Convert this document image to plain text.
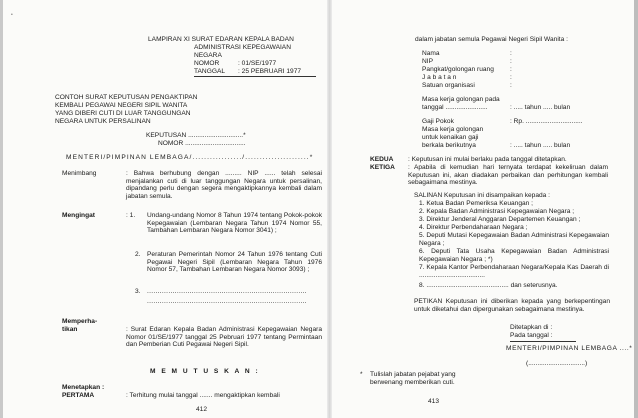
•
LAMPIRAN XI SURAT EDARAN KEPALA BADAN
ADMINISTRASI KEPEGAWAIAN
NEGARA
NOMOR	: 01/SE/1977
TANGGAL : 25 PEBRUARI 1977
CONTOH SURAT KEPUTUSAN PENGAKTIPAN
KEMBALI PEGAWAI NEGERI SIPIL WANITA
YANG DIBERI CUTI DI LUAR TANGGUNGAN
NEGARA UNTUK PERSALINAN
KEPUTUSAN ..............................*
NOMOR .................................
MENTERI/PIMPINAN LEMBAGA/................./......................*
Menimbang	: Bahwa berhubung dengan ......... NIP ...... telah selesai menjalankan cuti di luar tanggungan Negara untuk persalinan, dipandang perlu dengan segera mengaktipkannya kembali dalam jabatan semula.
Mengingat	: 1. Undang-undang Nomor 8 Tahun 1974 tentang Pokok-pokok Kepegawaian (Lembaran Negara Tahun 1974 Nomor 55, Tambahan Lembaran Negara Nomor 3041) ;
2. Peraturan Pemerintah Nomor 24 Tahun 1976 tentang Cuti Pegawai Negeri Sipil (Lembaran Negara Tahun 1976 Nomor 57, Tambahan Lembaran Negara Nomor 3093) ;
3. ...........................................................................
...........................................................................
Memperha-
tikan	: Surat Edaran Kepala Badan Administrasi Kepegawaian Negara Nomor 01/SE/1977 tanggal 25 Pebruari 1977 tentang Permintaan dan Pemberian Cuti Pegawai Negeri Sipil.
M E M U T U S K A N :
Menetapkan :
PERTAMA	: Terhitung mulai tanggal ....... mengaktipkan kembali
412
dalam jabatan semula Pegawai Negeri Sipil Wanita :
Nama	:
NIP	:
Pangkat/golongan ruang :
J a b a t a n	:
Satuan organisasi	:
Masa kerja golongan pada
tanggal .......................	: ..... tahun ..... bulan
Gaji Pokok	: Rp. ...............................
Masa kerja golongan
untuk kenaikan gaji
berkala berikutnya	: ..... tahun ..... bulan
KEDUA : Keputusan ini mulai berlaku pada tanggal ditetapkan.
KETIGA : Apabila di kemudian hari ternyata terdapat kekeliruan dalam Keputusan ini, akan diadakan perbaikan dan perhitungan kembali sebagaimana mestinya.
SALINAN Keputusan ini disampaikan kepada :
1. Ketua Badan Pemeriksa Keuangan ;
2. Kepala Badan Administrasi Kepegawaian Negara ;
3. Direktur Jenderal Anggaran Departemen Keuangan ;
4. Direktur Perbendaharaan Negara ;
5. Deputi Mutasi Kepegawaian Badan Administrasi Kepegawaian Negara ;
6. Deputi Tata Usaha Kepegawaian Badan Administrasi Kepegawaian Negara ; *)
7. Kepala Kantor Perbendaharaan Negara/Kepala Kas Daerah di ....................................
8. ............................................. dan seterusnya.
PETIKAN Keputusan ini diberikan kepada yang berkepentingan untuk diketahui dan dipergunakan sebagaimana mestinya.
Ditetapkan di :
Pada tanggal :
MENTERI/PIMPINAN LEMBAGA ....*
(...............................)
* Tulislah jabatan pejabat yang
berwenang memberikan cuti.
413
